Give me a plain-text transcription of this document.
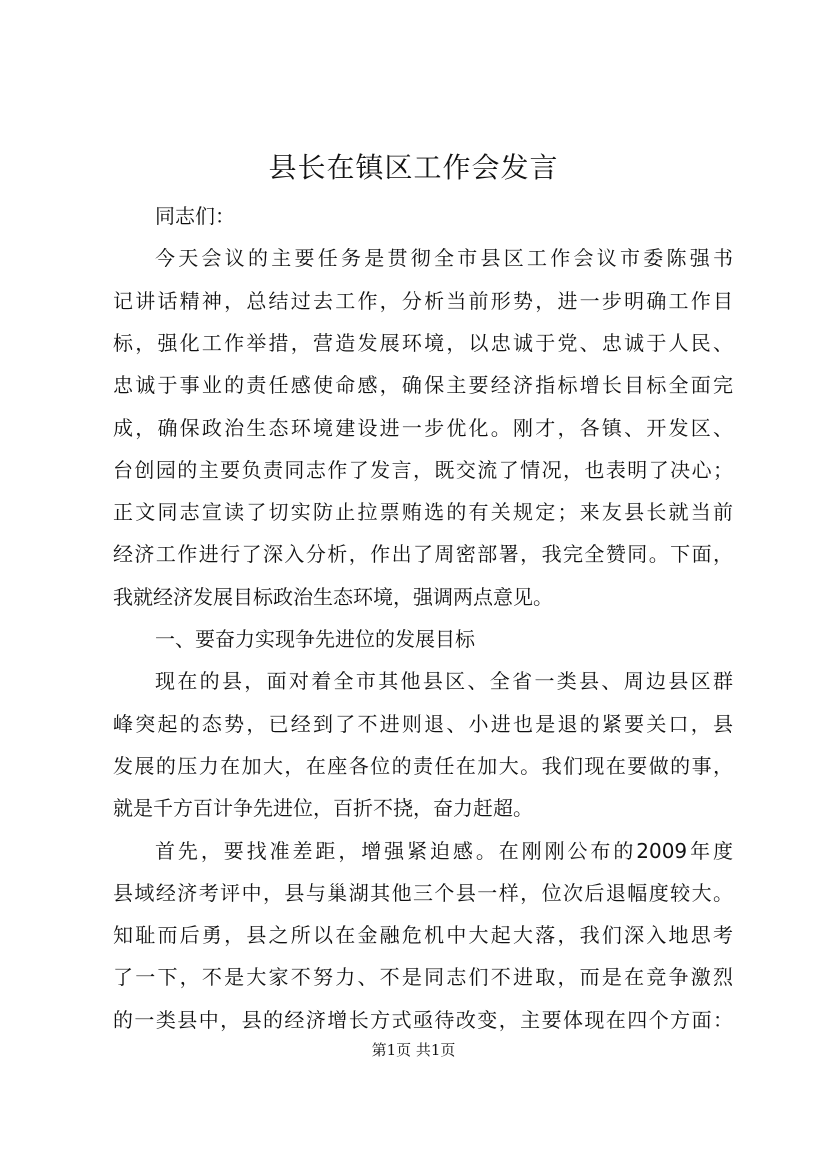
县长在镇区工作会发言
同志们：
今天会议的主要任务是贯彻全市县区工作会议市委陈强书
记讲话精神，总结过去工作，分析当前形势，进一步明确工作目
标，强化工作举措，营造发展环境，以忠诚于党、忠诚于人民、
忠诚于事业的责任感使命感，确保主要经济指标增长目标全面完
成，确保政治生态环境建设进一步优化。刚才，各镇、开发区、
台创园的主要负责同志作了发言，既交流了情况，也表明了决心；
正文同志宣读了切实防止拉票贿选的有关规定；来友县长就当前
经济工作进行了深入分析，作出了周密部署，我完全赞同。下面，
我就经济发展目标政治生态环境，强调两点意见。
一、要奋力实现争先进位的发展目标
现在的县，面对着全市其他县区、全省一类县、周边县区群
峰突起的态势，已经到了不进则退、小进也是退的紧要关口，县
发展的压力在加大，在座各位的责任在加大。我们现在要做的事，
就是千方百计争先进位，百折不挠，奋力赶超。
首先，要找准差距，增强紧迫感。在刚刚公布的2009年度
县域经济考评中，县与巢湖其他三个县一样，位次后退幅度较大。
知耻而后勇，县之所以在金融危机中大起大落，我们深入地思考
了一下，不是大家不努力、不是同志们不进取，而是在竞争激烈
的一类县中，县的经济增长方式亟待改变，主要体现在四个方面：
第1页 共1页
